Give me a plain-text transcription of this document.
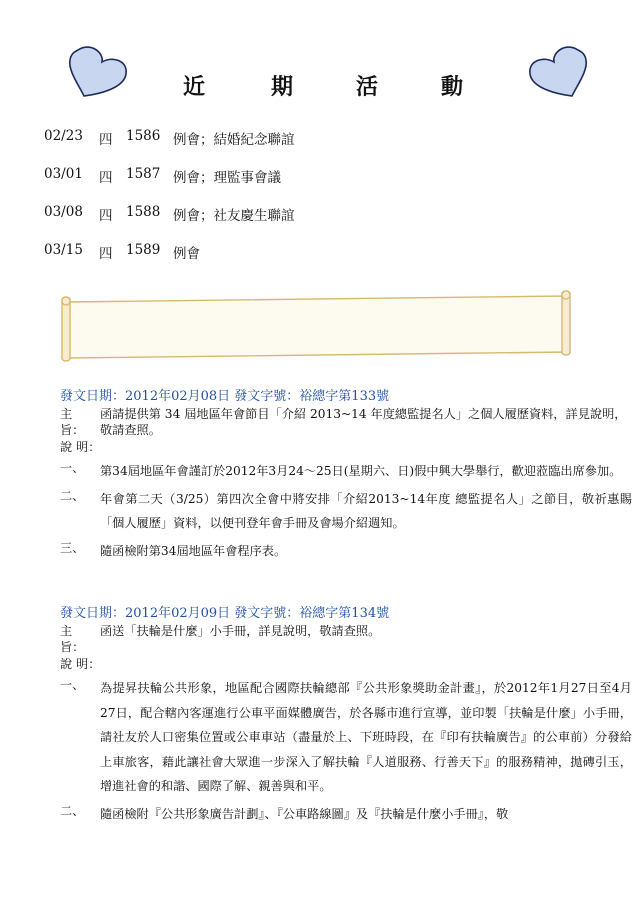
近	期	活	動
02/23	四	1586 例會；結婚紀念聯誼
03/01	四	1587 例會；理監事會議
03/08	四	1588 例會；社友慶生聯誼
03/15	四	1589 例會
發文日期：2012年02月08日 發文字號：裕總字第133號
主 旨：
函請提供第 34 屆地區年會節目「介紹 2013~14 年度總監提名人」之個人履歷資料，詳見說明，敬請查照。
說 明：
一、	第34屆地區年會謹訂於2012年3月24～25日(星期六、日)假中興大學舉行，歡迎蒞臨出席參加。
二、	年會第二天（3/25）第四次全會中將安排「介紹2013~14年度 總監提名人」之節目，敬祈惠賜「個人履歷」資料，以便刊登年會手冊及會場介紹週知。
三、	隨函檢附第34屆地區年會程序表。
發文日期：2012年02月09日 發文字號：裕總字第134號
主 旨：
函送「扶輪是什麼」小手冊，詳見說明，敬請查照。
說 明：
一、	為提昇扶輪公共形象，地區配合國際扶輪總部『公共形象獎助金計畫』，於2012年1月27日至4月27日，配合轄內客運進行公車平面媒體廣告，於各縣市進行宣導，並印製「扶輪是什麼」小手冊，請社友於人口密集位置或公車車站（盡量於上、下班時段，在『印有扶輪廣告』的公車前）分發給上車旅客，藉此讓社會大眾進一步深入了解扶輪『人道服務、行善天下』的服務精神，拋磚引玉，增進社會的和諧、國際了解、親善與和平。
二、	隨函檢附『公共形象廣告計劃』、『公車路線圖』及『扶輪是什麼小手冊』，敬
